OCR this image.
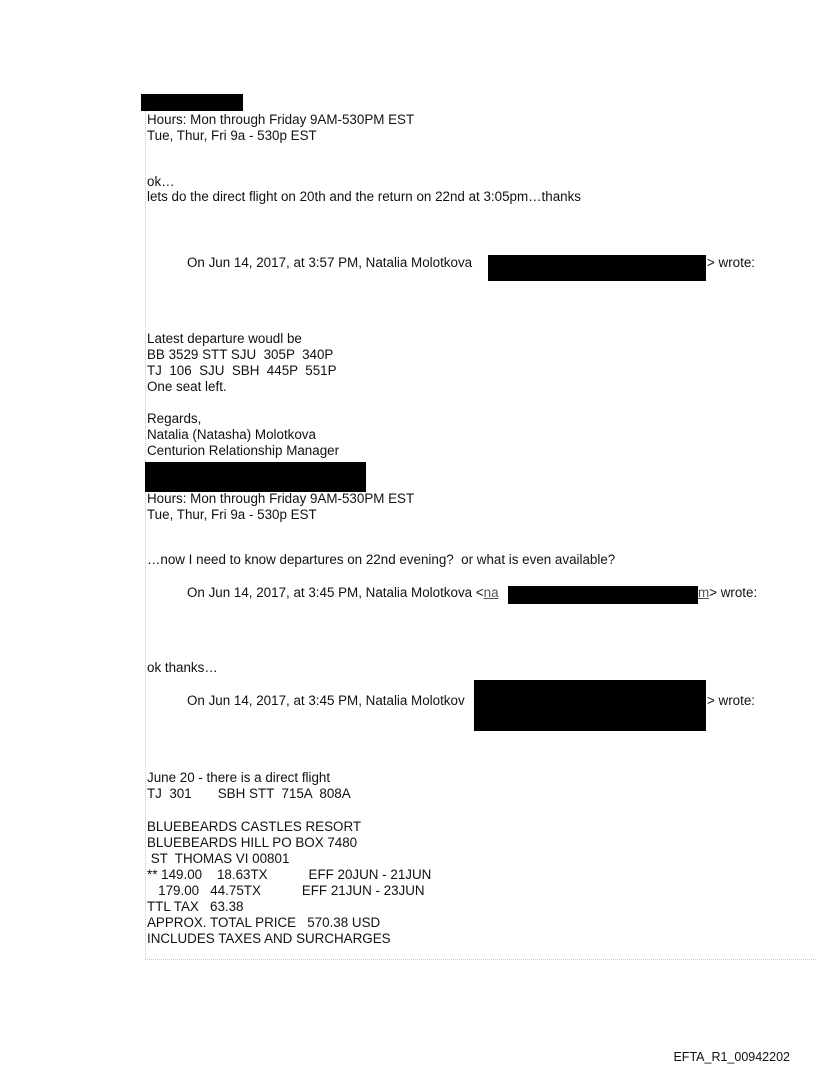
Hours: Mon through Friday 9AM-530PM EST

Tue, Thur, Fri 9a - 530p EST

ok…

lets do the direct flight on 20th and the return on 22nd at 3:05pm…thanks

On Jun 14, 2017, at 3:57 PM, Natalia Molotkova	> wrote:

Latest departure woudl be

BB 3529 STT SJU  305P  340P

TJ  106  SJU  SBH  445P  551P

One seat left.

Regards,

Natalia (Natasha) Molotkova

Centurion Relationship Manager

Hours: Mon through Friday 9AM-530PM EST

Tue, Thur, Fri 9a - 530p EST

…now I need to know departures on 22nd evening?  or what is even available?

On Jun 14, 2017, at 3:45 PM, Natalia Molotkova <na	m> wrote:

ok thanks…

On Jun 14, 2017, at 3:45 PM, Natalia Molotkov	> wrote:

June 20 - there is a direct flight

TJ  301       SBH STT  715A  808A

BLUEBEARDS CASTLES RESORT

BLUEBEARDS HILL PO BOX 7480

ST  THOMAS VI 00801

** 149.00    18.63TX           EFF 20JUN - 21JUN

179.00   44.75TX           EFF 21JUN - 23JUN

TTL TAX   63.38

APPROX. TOTAL PRICE   570.38 USD

INCLUDES TAXES AND SURCHARGES

EFTA_R1_00942202
